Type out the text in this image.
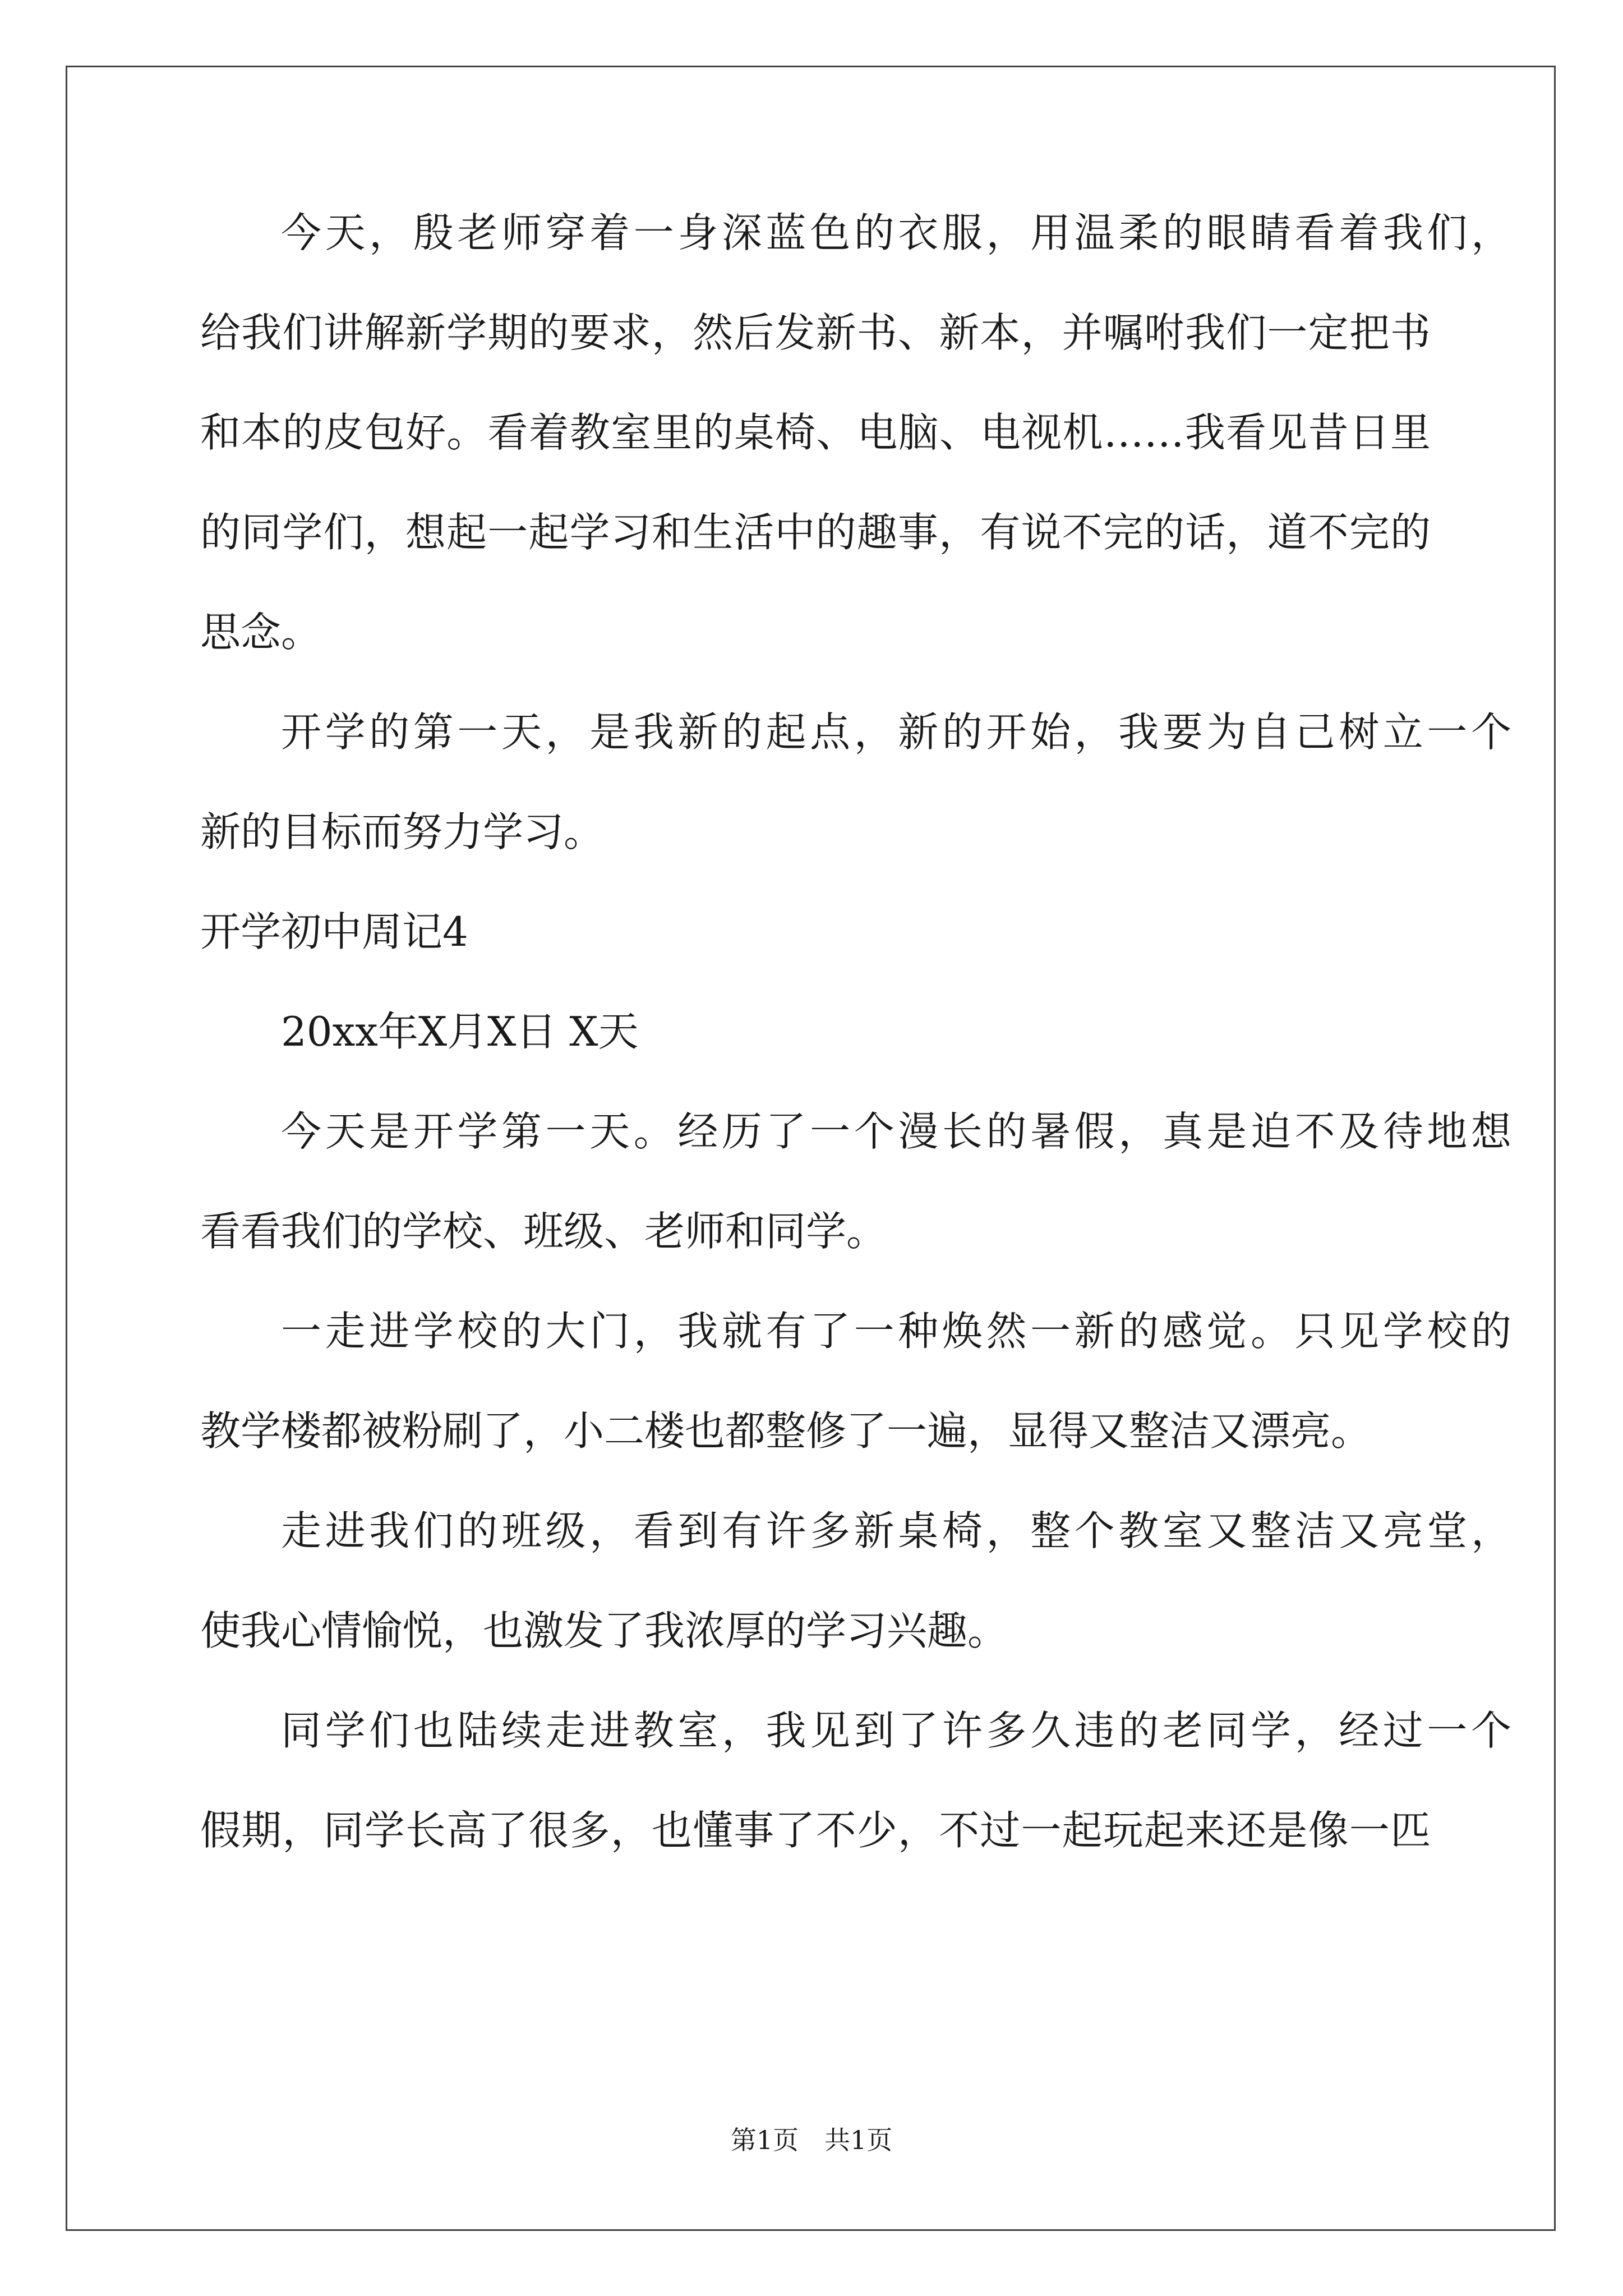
今天，殷老师穿着一身深蓝色的衣服，用温柔的眼睛看着我们，
给我们讲解新学期的要求，然后发新书、新本，并嘱咐我们一定把书
和本的皮包好。看着教室里的桌椅、电脑、电视机……我看见昔日里
的同学们，想起一起学习和生活中的趣事，有说不完的话，道不完的
思念。
开学的第一天，是我新的起点，新的开始，我要为自己树立一个
新的目标而努力学习。
开学初中周记4
20xx年X月X日 X天
今天是开学第一天。经历了一个漫长的暑假，真是迫不及待地想
看看我们的学校、班级、老师和同学。
一走进学校的大门，我就有了一种焕然一新的感觉。只见学校的
教学楼都被粉刷了，小二楼也都整修了一遍，显得又整洁又漂亮。
走进我们的班级，看到有许多新桌椅，整个教室又整洁又亮堂，
使我心情愉悦，也激发了我浓厚的学习兴趣。
同学们也陆续走进教室，我见到了许多久违的老同学，经过一个
假期，同学长高了很多，也懂事了不少，不过一起玩起来还是像一匹
第1页 共1页
